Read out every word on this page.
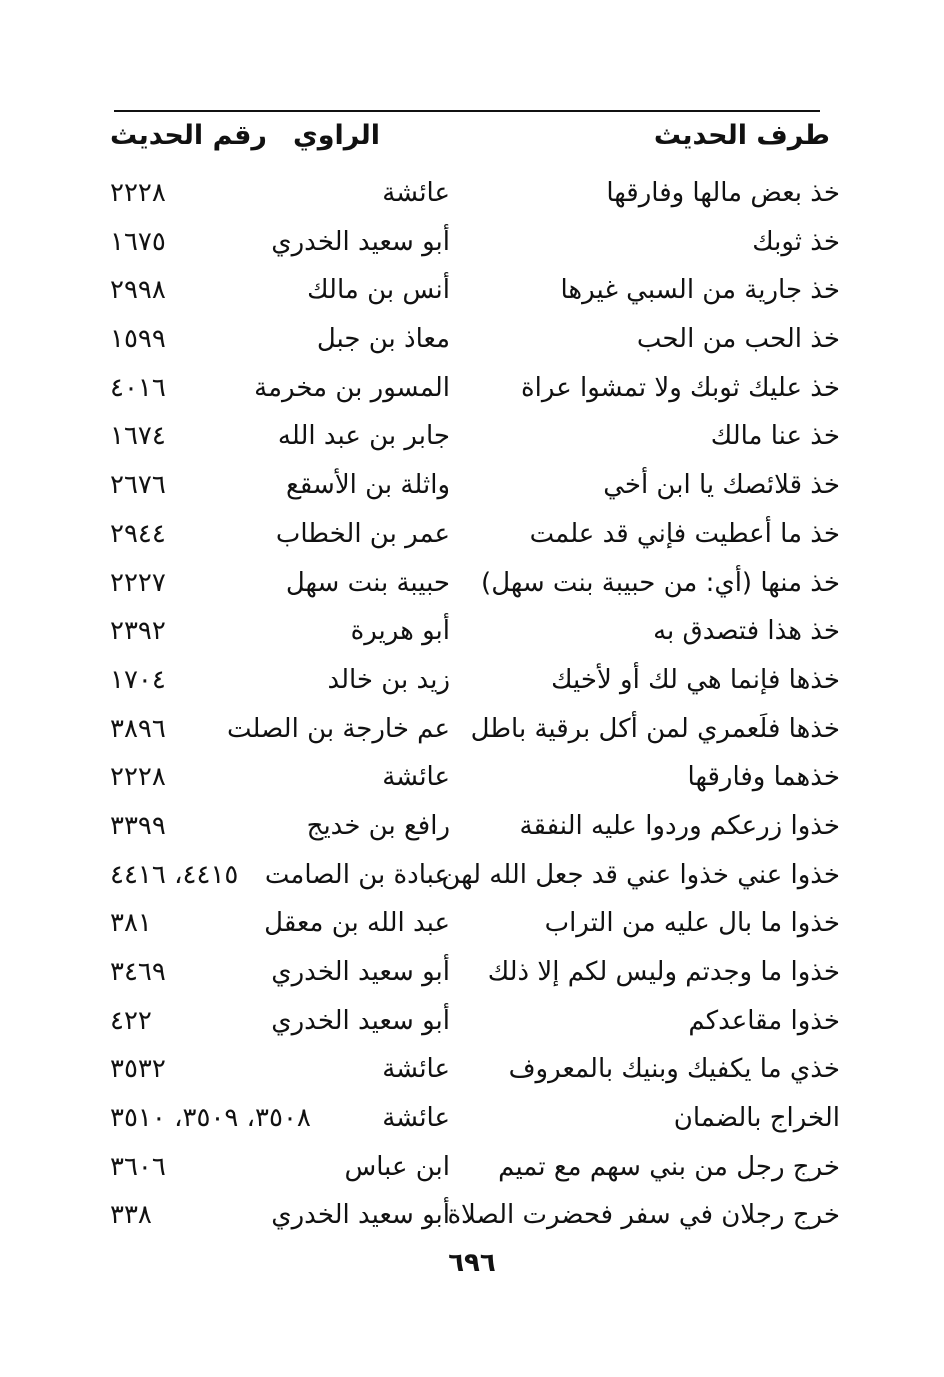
طرف الحديث
الراوي
رقم الحديث
خذ بعض مالها وفارقها
عائشة
٢٢٢٨
خذ ثوبك
أبو سعيد الخدري
١٦٧٥
خذ جارية من السبي غيرها
أنس بن مالك
٢٩٩٨
خذ الحب من الحب
معاذ بن جبل
١٥٩٩
خذ عليك ثوبك ولا تمشوا عراة
المسور بن مخرمة
٤٠١٦
خذ عنا مالك
جابر بن عبد الله
١٦٧٤
خذ قلائصك يا ابن أخي
واثلة بن الأسقع
٢٦٧٦
خذ ما أعطيت فإني قد علمت
عمر بن الخطاب
٢٩٤٤
خذ منها (أي: من حبيبة بنت سهل)
حبيبة بنت سهل
٢٢٢٧
خذ هذا فتصدق به
أبو هريرة
٢٣٩٢
خذها فإنما هي لك أو لأخيك
زيد بن خالد
١٧٠٤
خذها فلَعمري لمن أكل برقية باطل
عم خارجة بن الصلت
٣٨٩٦
خذهما وفارقها
عائشة
٢٢٢٨
خذوا زرعكم وردوا عليه النفقة
رافع بن خديج
٣٣٩٩
خذوا عني خذوا عني قد جعل الله لهن
عبادة بن الصامت
٤٤١٥، ٤٤١٦
خذوا ما بال عليه من التراب
عبد الله بن معقل
٣٨١
خذوا ما وجدتم وليس لكم إلا ذلك
أبو سعيد الخدري
٣٤٦٩
خذوا مقاعدكم
أبو سعيد الخدري
٤٢٢
خذي ما يكفيك وبنيك بالمعروف
عائشة
٣٥٣٢
الخراج بالضمان
عائشة
٣٥٠٨، ٣٥٠٩، ٣٥١٠
خرج رجل من بني سهم مع تميم
ابن عباس
٣٦٠٦
خرج رجلان في سفر فحضرت الصلاة
أبو سعيد الخدري
٣٣٨
٦٩٦
